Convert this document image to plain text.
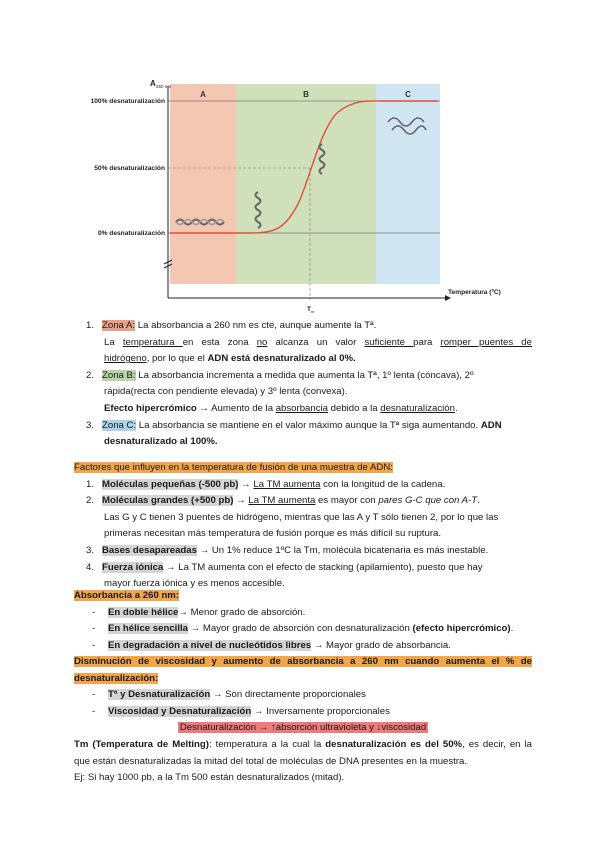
A 260 nm
A	B	C
100% desnaturalización
50% desnaturalización
0% desnaturalización
Temperatura (ºC)
T m
1. Zona A: La absorbancia a 260 nm es cte, aunque aumente la Tª.
La temperatura en esta zona no alcanza un valor suficiente para romper puentes de
hidrógeno, por lo que el ADN está desnaturalizado al 0%.
2. Zona B: La absorbancia incrementa a medida que aumenta la Tª, 1º lenta (cóncava), 2º
rápida(recta con pendiente elevada) y 3º lenta (convexa).
Efecto hipercrómico → Aumento de la absorbancia debido a la desnaturalización.
3. Zona C: La absorbancia se mantiene en el valor máximo aunque la Tª siga aumentando. ADN
desnaturalizado al 100%.
Factores que influyen en la temperatura de fusión de una muestra de ADN:
1. Moléculas pequeñas (-500 pb) → La TM aumenta con la longitud de la cadena.
2. Moléculas grandes (+500 pb) → La TM aumenta es mayor con pares G-C que con A-T.
Las G y C tienen 3 puentes de hidrógeno, mientras que las A y T sólo tienen 2, por lo que las
primeras necesitan más temperatura de fusión porque es más difícil su ruptura.
3. Bases desapareadas → Un 1% reduce 1ºC la Tm, molécula bicatenaria es más inestable.
4. Fuerza iónica → La TM aumenta con el efecto de stacking (apilamiento), puesto que hay
mayor fuerza iónica y es menos accesible.
Absorbancia a 260 nm:
- En doble hélice→ Menor grado de absorción.
- En hélice sencilla → Mayor grado de absorción con desnaturalización (efecto hipercrómico).
- En degradación a nivel de nucleótidos libres → Mayor grado de absorbancia.
Disminución de viscosidad y aumento de absorbancia a 260 nm cuando aumenta el % de
desnaturalización:
- Tª y Desnaturalización → Son directamente proporcionales
- Viscosidad y Desnaturalización → Inversamente proporcionales
Desnaturalización → ↑absorción ultravioleta y ↓viscosidad
Tm (Temperatura de Melting): temperatura a la cual la desnaturalización es del 50%, es decir, en la
que están desnaturalizadas la mitad del total de moléculas de DNA presentes en la muestra.
Ej: Si hay 1000 pb, a la Tm 500 están desnaturalizados (mitad).
